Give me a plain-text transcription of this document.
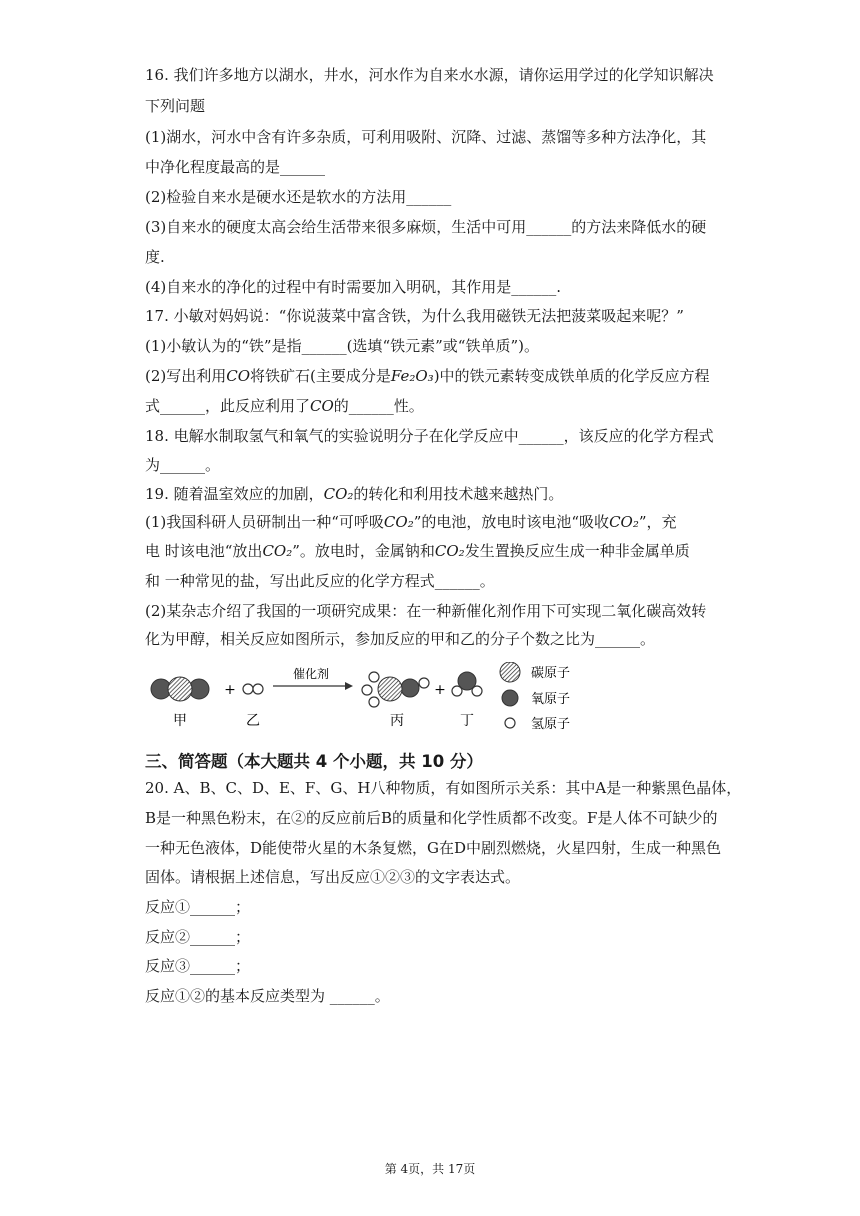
16. 我们许多地方以湖水，井水，河水作为自来水水源，请你运用学过的化学知识解决
下列问题
(1)湖水，河水中含有许多杂质，可利用吸附、沉降、过滤、蒸馏等多种方法净化，其
中净化程度最高的是______
(2)检验自来水是硬水还是软水的方法用______
(3)自来水的硬度太高会给生活带来很多麻烦，生活中可用______的方法来降低水的硬
度.
(4)自来水的净化的过程中有时需要加入明矾，其作用是______.
17. 小敏对妈妈说：“你说菠菜中富含铁，为什么我用磁铁无法把菠菜吸起来呢？”
(1)小敏认为的“铁”是指______(选填“铁元素”或“铁单质”)。
(2)写出利用CO将铁矿石(主要成分是Fe₂O₃)中的铁元素转变成铁单质的化学反应方程
式______，此反应利用了CO的______性。
18. 电解水制取氢气和氧气的实验说明分子在化学反应中______，该反应的化学方程式
为______。
19. 随着温室效应的加剧，CO₂的转化和利用技术越来越热门。
(1)我国科研人员研制出一种“可呼吸CO₂”的电池，放电时该电池“吸收CO₂”，充
电 时该电池“放出CO₂”。放电时，金属钠和CO₂发生置换反应生成一种非金属单质
和 一种常见的盐，写出此反应的化学方程式______。
(2)某杂志介绍了我国的一项研究成果：在一种新催化剂作用下可实现二氧化碳高效转
化为甲醇，相关反应如图所示，参加反应的甲和乙的分子个数之比为______。
甲
+
乙
催化剂
丙
+
丁
碳原子
氧原子
氢原子
三、简答题（本大题共 4 个小题，共 10 分）
20. A、B、C、D、E、F、G、H八种物质，有如图所示关系：其中A是一种紫黑色晶体，
B是一种黑色粉末，在②的反应前后B的质量和化学性质都不改变。F是人体不可缺少的
一种无色液体，D能使带火星的木条复燃，G在D中剧烈燃烧，火星四射，生成一种黑色
固体。请根据上述信息，写出反应①②③的文字表达式。
反应①______；
反应②______；
反应③______；
反应①②的基本反应类型为 ______。
第 4页，共 17页
